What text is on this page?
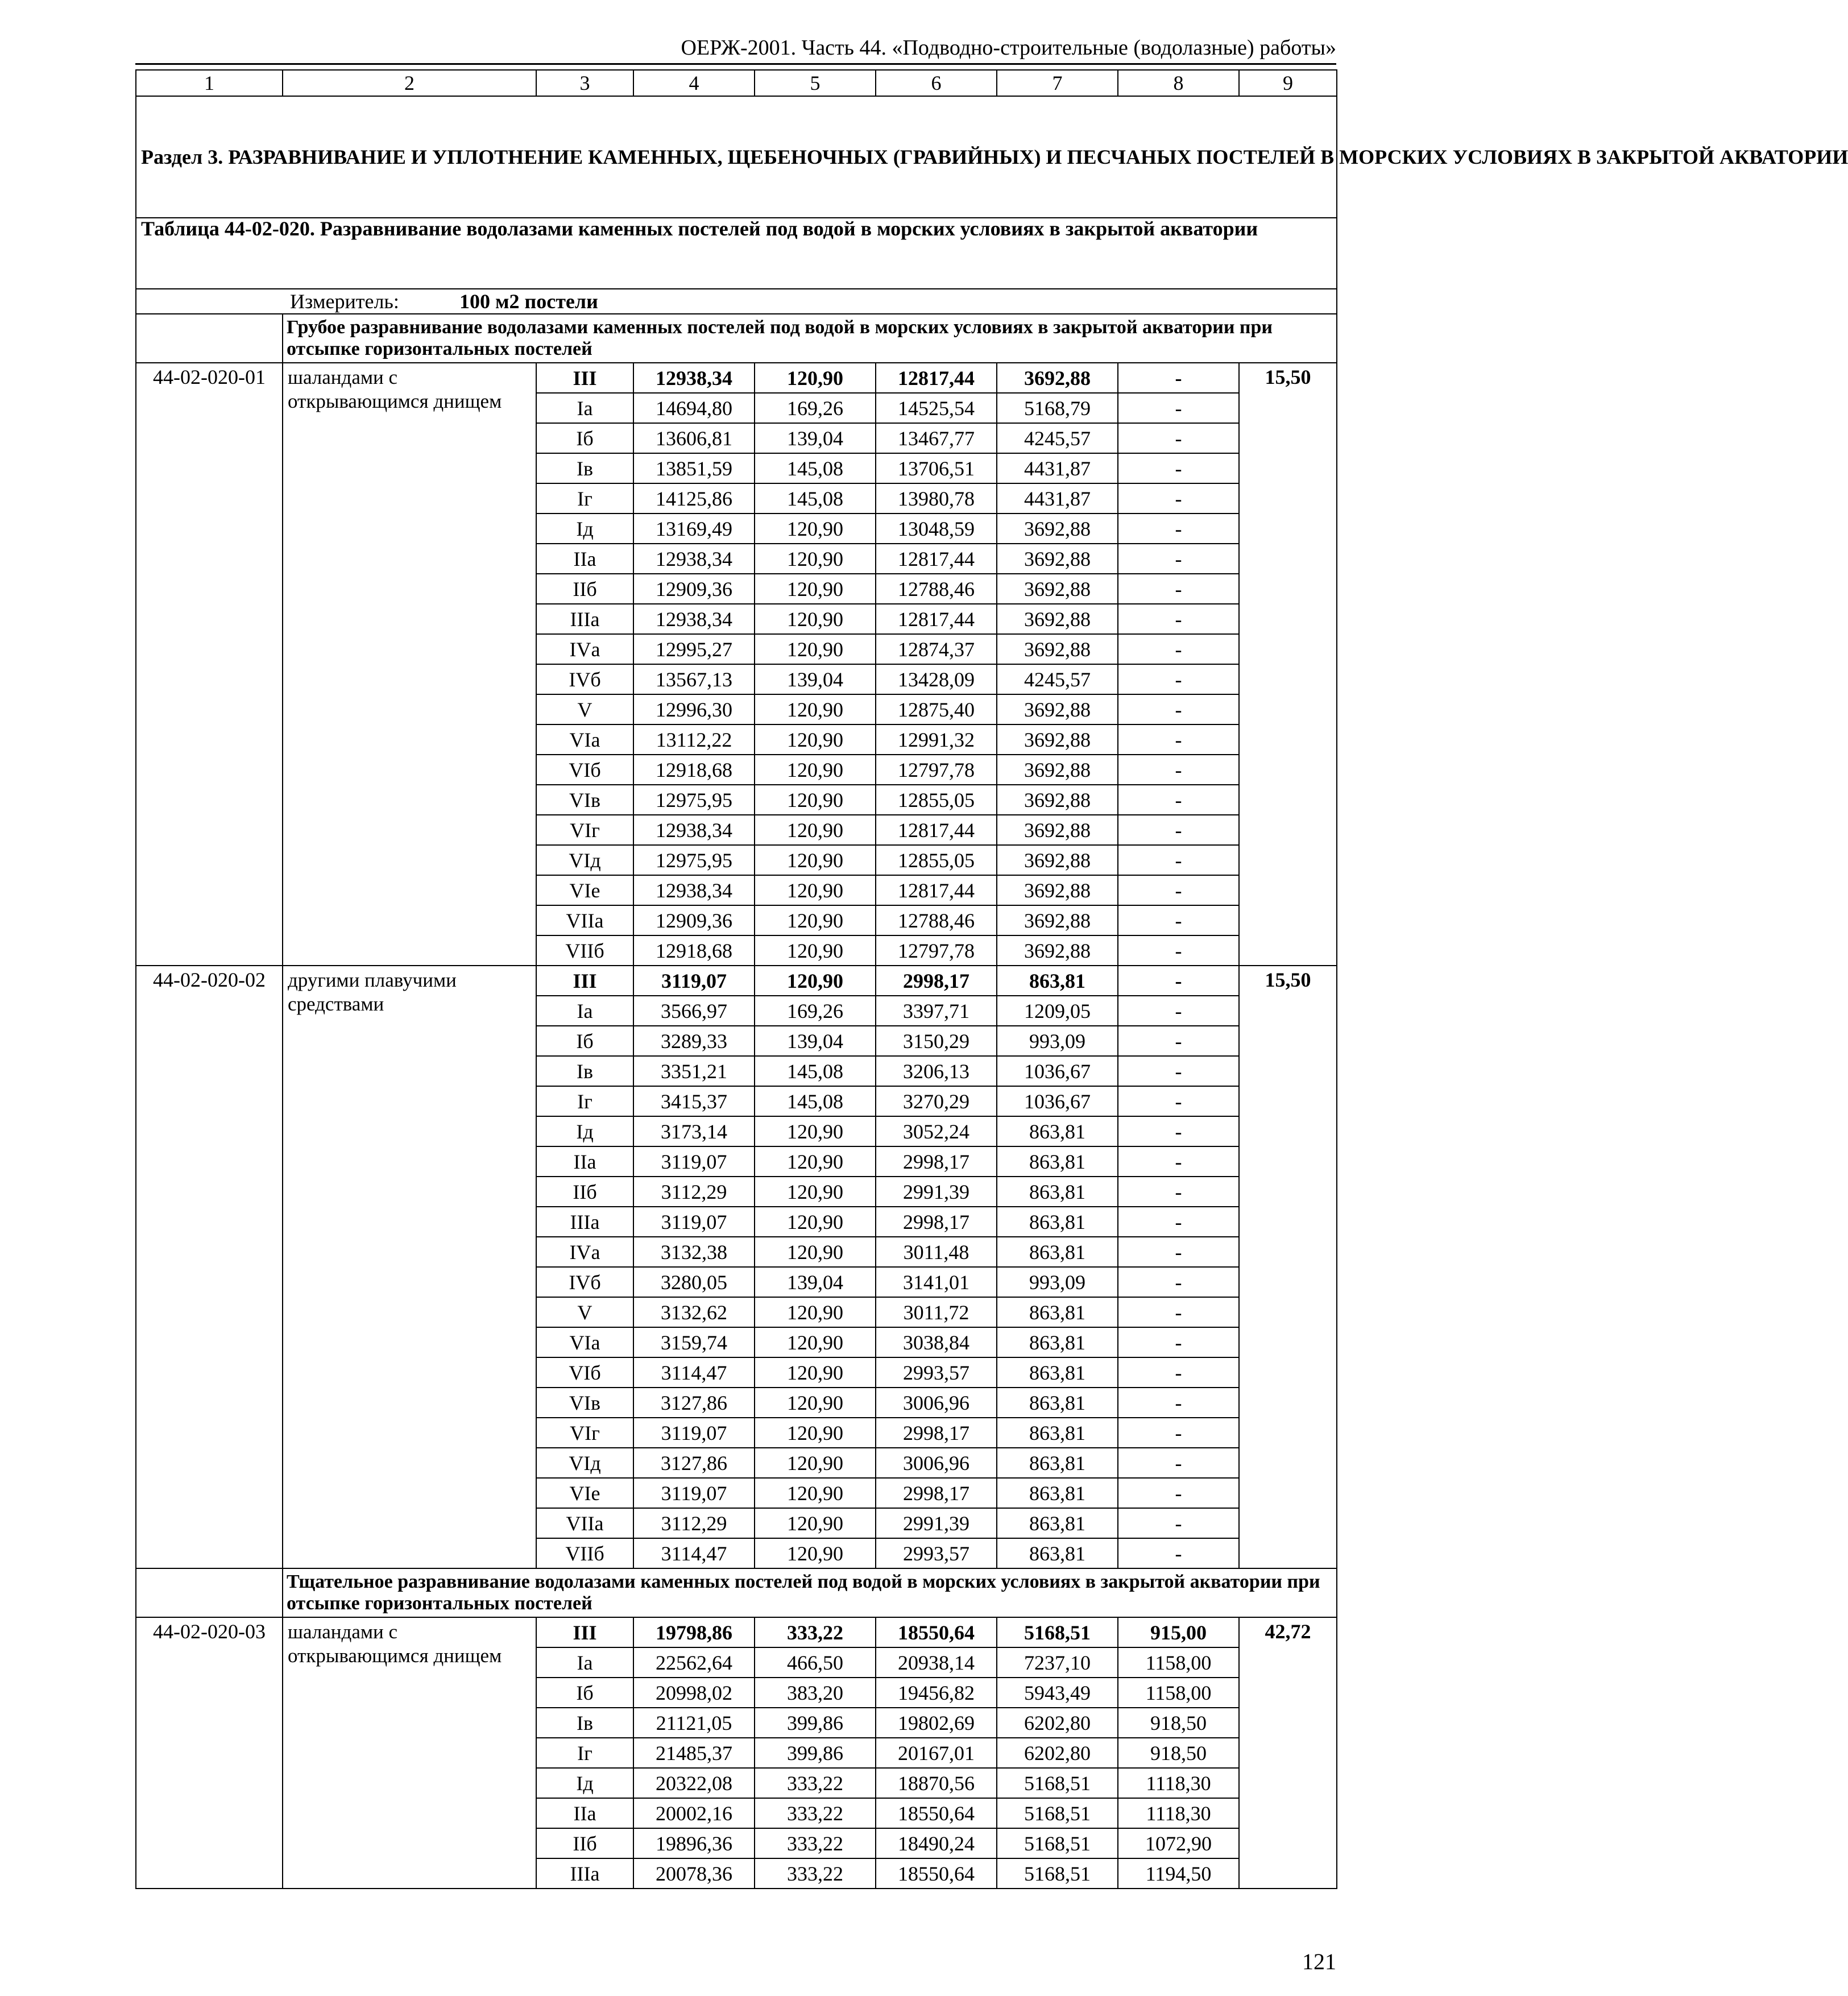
ОЕРЖ-2001. Часть 44. «Подводно-строительные (водолазные) работы»
1	2	3	4	5	6	7	8	9
Раздел 3. РАЗРАВНИВАНИЕ И УПЛОТНЕНИЕ КАМЕННЫХ, ЩЕБЕНОЧНЫХ (ГРАВИЙНЫХ) И ПЕСЧАНЫХ ПОСТЕЛЕЙ В МОРСКИХ УСЛОВИЯХ В ЗАКРЫТОЙ АКВАТОРИИ								
Таблица 44-02-020. Разравнивание водолазами каменных постелей под водой в морских условиях в закрытой акватории								
Измеритель: 100 м2 постели								
	Грубое разравнивание водолазами каменных постелей под водой в морских условиях в закрытой акватории при отсыпке горизонтальных постелей							
44-02-020-01	шаландами с открывающимся днищем	III	12938,34	120,90	12817,44	3692,88	-	15,50
		Iа	14694,80	169,26	14525,54	5168,79	-	
		Iб	13606,81	139,04	13467,77	4245,57	-	
		Iв	13851,59	145,08	13706,51	4431,87	-	
		Iг	14125,86	145,08	13980,78	4431,87	-	
		Iд	13169,49	120,90	13048,59	3692,88	-	
		IIа	12938,34	120,90	12817,44	3692,88	-	
		IIб	12909,36	120,90	12788,46	3692,88	-	
		IIIа	12938,34	120,90	12817,44	3692,88	-	
		IVа	12995,27	120,90	12874,37	3692,88	-	
		IVб	13567,13	139,04	13428,09	4245,57	-	
		V	12996,30	120,90	12875,40	3692,88	-	
		VIа	13112,22	120,90	12991,32	3692,88	-	
		VIб	12918,68	120,90	12797,78	3692,88	-	
		VIв	12975,95	120,90	12855,05	3692,88	-	
		VIг	12938,34	120,90	12817,44	3692,88	-	
		VIд	12975,95	120,90	12855,05	3692,88	-	
		VIе	12938,34	120,90	12817,44	3692,88	-	
		VIIа	12909,36	120,90	12788,46	3692,88	-	
		VIIб	12918,68	120,90	12797,78	3692,88	-	
44-02-020-02	другими плавучими средствами	III	3119,07	120,90	2998,17	863,81	-	15,50
		Iа	3566,97	169,26	3397,71	1209,05	-	
		Iб	3289,33	139,04	3150,29	993,09	-	
		Iв	3351,21	145,08	3206,13	1036,67	-	
		Iг	3415,37	145,08	3270,29	1036,67	-	
		Iд	3173,14	120,90	3052,24	863,81	-	
		IIа	3119,07	120,90	2998,17	863,81	-	
		IIб	3112,29	120,90	2991,39	863,81	-	
		IIIа	3119,07	120,90	2998,17	863,81	-	
		IVа	3132,38	120,90	3011,48	863,81	-	
		IVб	3280,05	139,04	3141,01	993,09	-	
		V	3132,62	120,90	3011,72	863,81	-	
		VIа	3159,74	120,90	3038,84	863,81	-	
		VIб	3114,47	120,90	2993,57	863,81	-	
		VIв	3127,86	120,90	3006,96	863,81	-	
		VIг	3119,07	120,90	2998,17	863,81	-	
		VIд	3127,86	120,90	3006,96	863,81	-	
		VIе	3119,07	120,90	2998,17	863,81	-	
		VIIа	3112,29	120,90	2991,39	863,81	-	
		VIIб	3114,47	120,90	2993,57	863,81	-	
	Тщательное разравнивание водолазами каменных постелей под водой в морских условиях в закрытой акватории при отсыпке горизонтальных постелей							
44-02-020-03	шаландами с открывающимся днищем	III	19798,86	333,22	18550,64	5168,51	915,00	42,72
		Iа	22562,64	466,50	20938,14	7237,10	1158,00	
		Iб	20998,02	383,20	19456,82	5943,49	1158,00	
		Iв	21121,05	399,86	19802,69	6202,80	918,50	
		Iг	21485,37	399,86	20167,01	6202,80	918,50	
		Iд	20322,08	333,22	18870,56	5168,51	1118,30	
		IIа	20002,16	333,22	18550,64	5168,51	1118,30	
		IIб	19896,36	333,22	18490,24	5168,51	1072,90	
		IIIа	20078,36	333,22	18550,64	5168,51	1194,50	
121
